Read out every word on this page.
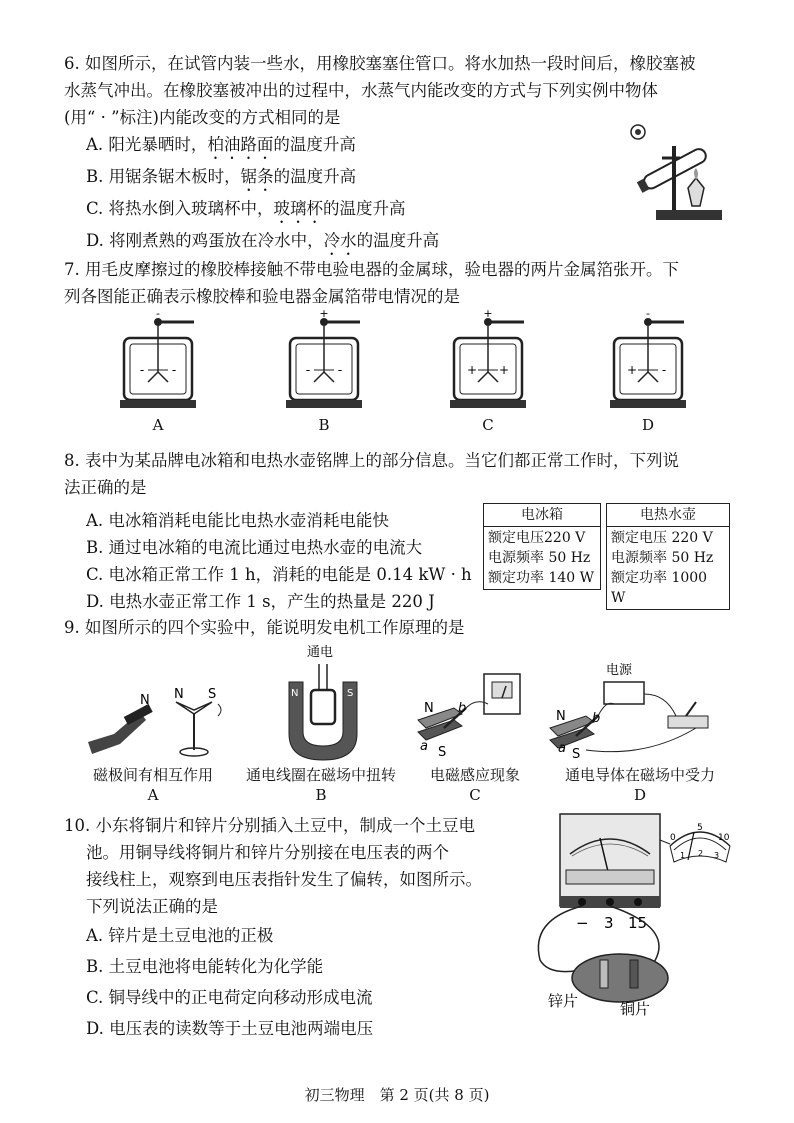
6. 如图所示，在试管内装一些水，用橡胶塞塞住管口。将水加热一段时间后，橡胶塞被
水蒸气冲出。在橡胶塞被冲出的过程中，水蒸气内能改变的方式与下列实例中物体
(用“ · ”标注)内能改变的方式相同的是
A. 阳光暴晒时，柏油路面的温度升高
B. 用锯条锯木板时，锯条的温度升高
C. 将热水倒入玻璃杯中，玻璃杯的温度升高
D. 将刚煮熟的鸡蛋放在冷水中，冷水的温度升高
7. 用毛皮摩擦过的橡胶棒接触不带电验电器的金属球，验电器的两片金属箔张开。下
列各图能正确表示橡胶棒和验电器金属箔带电情况的是
-
- -
A
+
- -
B
+
+ +
C
-
+ -
D
8. 表中为某品牌电冰箱和电热水壶铭牌上的部分信息。当它们都正常工作时，下列说
法正确的是
A. 电冰箱消耗电能比电热水壶消耗电能快
B. 通过电冰箱的电流比通过电热水壶的电流大
C. 电冰箱正常工作 1 h，消耗的电能是 0.14 kW · h
D. 电热水壶正常工作 1 s，产生的热量是 220 J
电冰箱

额定电压220 V
电源频率 50 Hz
额定功率 140 W
电热水壶

额定电压 220 V
电源频率 50 Hz
额定功率 1000 W
9. 如图所示的四个实验中，能说明发电机工作原理的是
N N S
通电
N	S
N
S
b
a
电源
N
S
b
a
磁极间有相互作用	通电线圈在磁场中扭转	电磁感应现象	通电导体在磁场中受力
A	B	C	D
10. 小东将铜片和锌片分别插入土豆中，制成一个土豆电
池。用铜导线将铜片和锌片分别接在电压表的两个
接线柱上，观察到电压表指针发生了偏转，如图所示。
下列说法正确的是
A. 锌片是土豆电池的正极
B. 土豆电池将电能转化为化学能
C. 铜导线中的正电荷定向移动形成电流
D. 电压表的读数等于土豆电池两端电压
0
5
10
1 2 3
− 3 15
锌片	铜片
初三物理　第 2 页(共 8 页)
